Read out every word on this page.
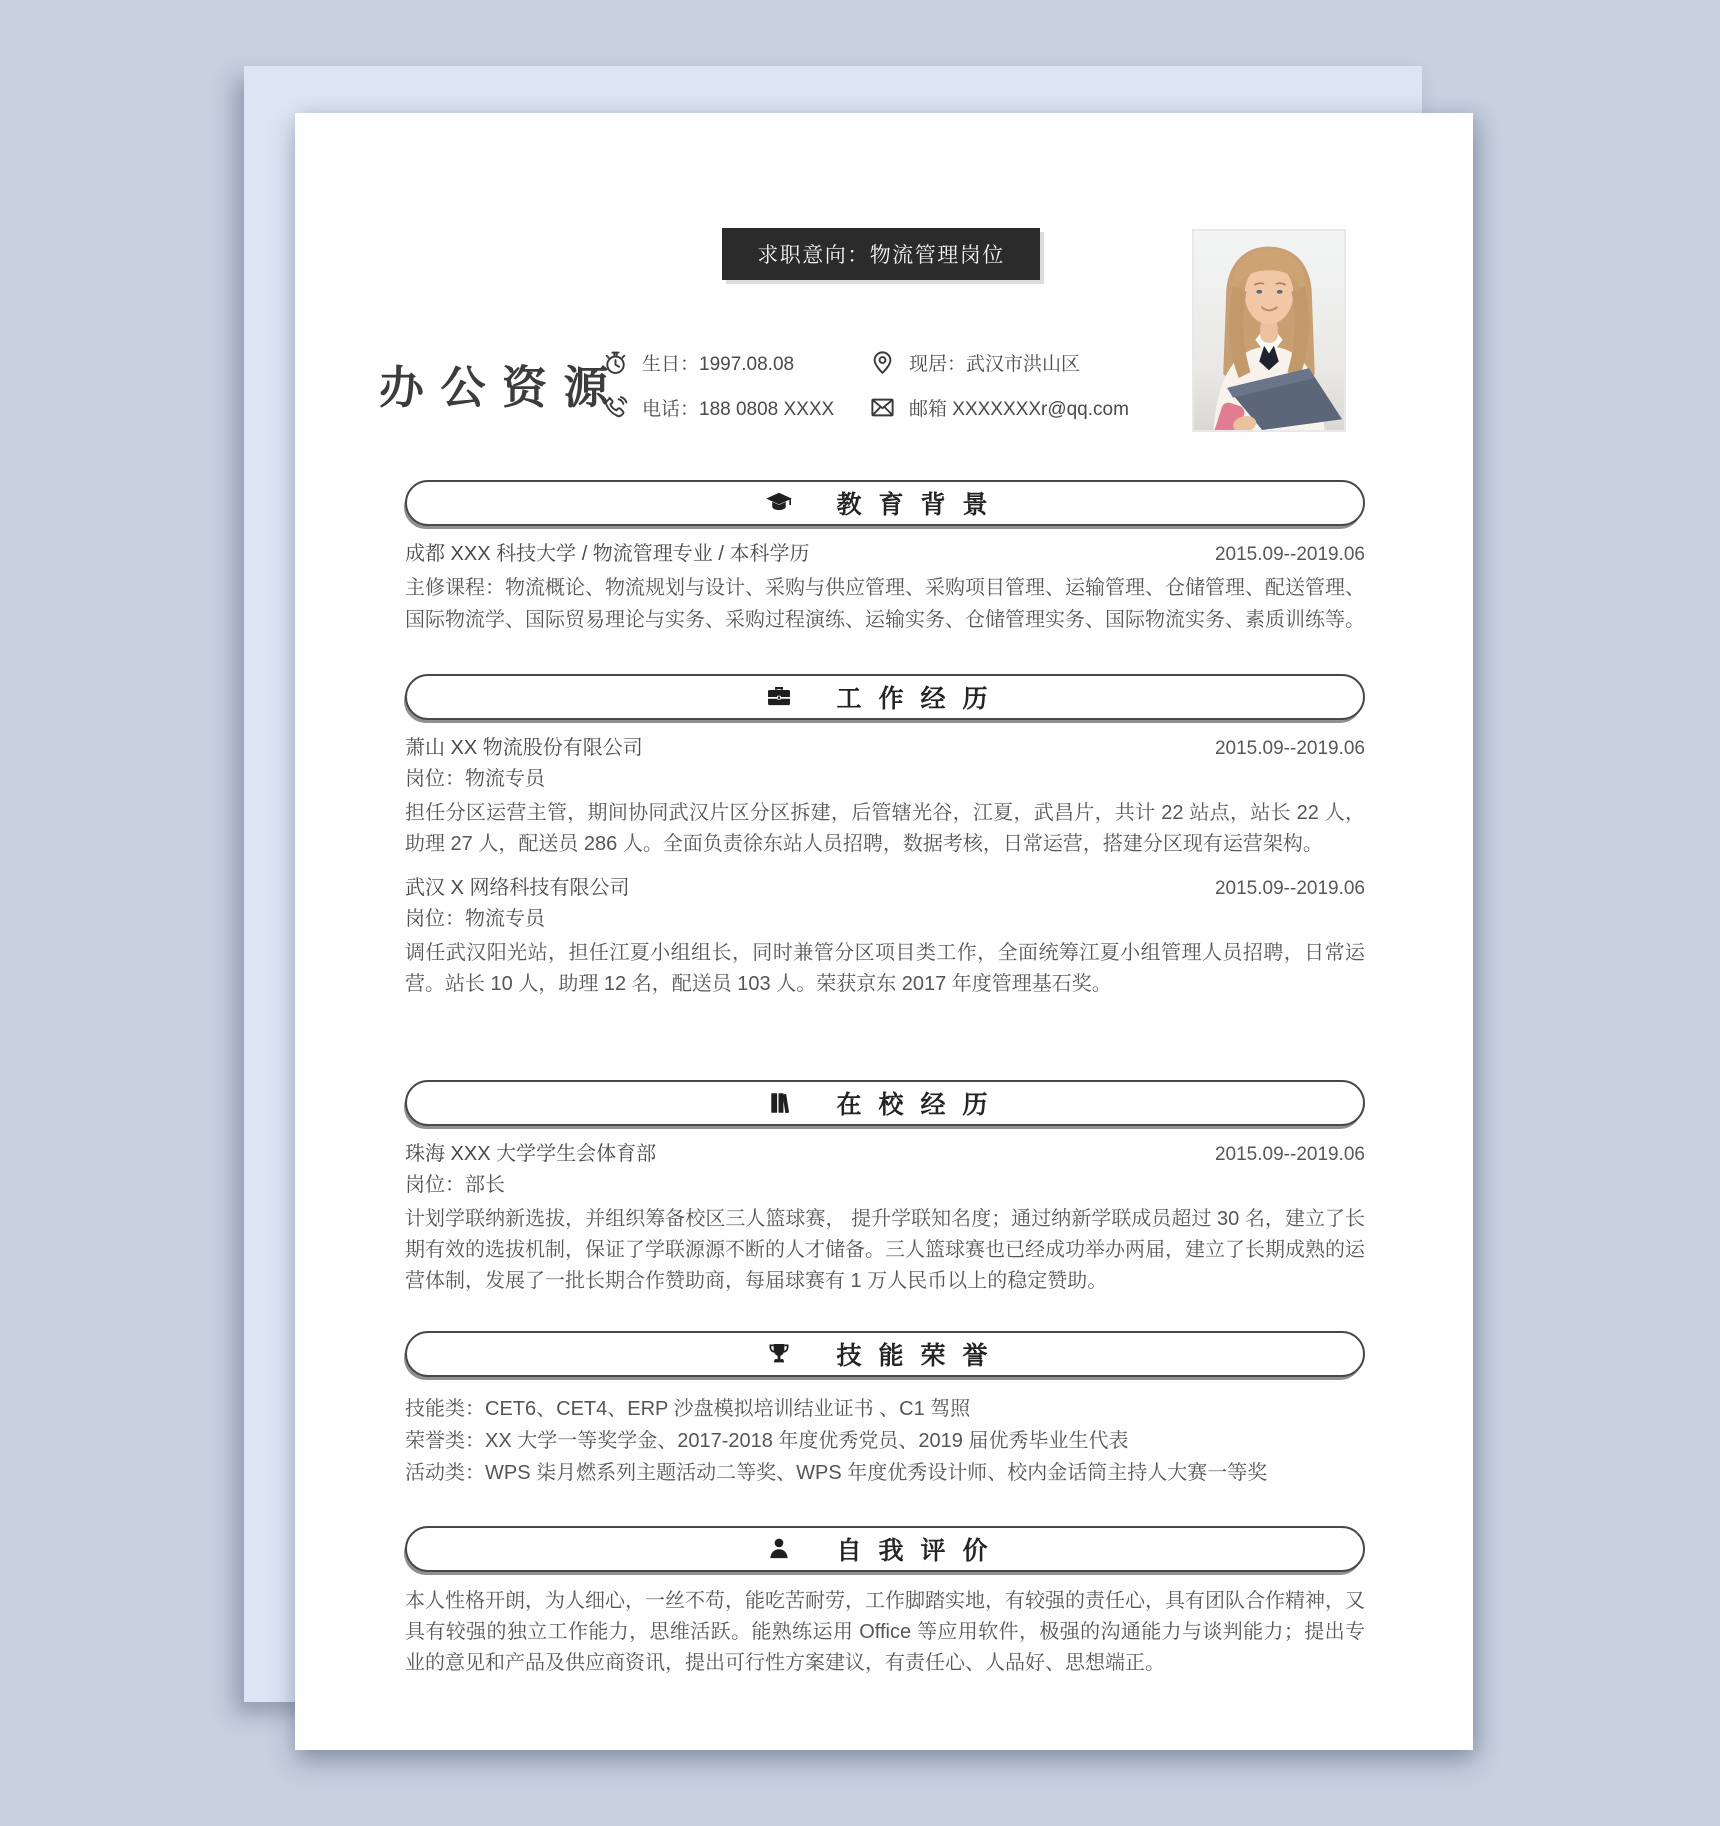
求职意向：物流管理岗位
办 公 资 源 生日：1997.08.08	现居：武汉市洪山区
电话：188 0808 XXXX	邮箱 XXXXXXXr@qq.com
教育背景
成都 XXX 科技大学 / 物流管理专业 / 本科学历	2015.09--2019.06
主修课程：物流概论、物流规划与设计、采购与供应管理、采购项目管理、运输管理、仓储管理、配送管理、国际物流学、国际贸易理论与实务、采购过程演练、运输实务、仓储管理实务、国际物流实务、素质训练等。
工作经历
萧山 XX 物流股份有限公司	2015.09--2019.06
岗位：物流专员
担任分区运营主管，期间协同武汉片区分区拆建，后管辖光谷，江夏，武昌片，共计 22 站点，站长 22 人，助理 27 人，配送员 286 人。全面负责徐东站人员招聘，数据考核，日常运营，搭建分区现有运营架构。
武汉 X 网络科技有限公司	2015.09--2019.06
岗位：物流专员
调任武汉阳光站，担任江夏小组组长，同时兼管分区项目类工作，全面统筹江夏小组管理人员招聘，日常运营。站长 10 人，助理 12 名，配送员 103 人。荣获京东 2017 年度管理基石奖。
在校经历
珠海 XXX 大学学生会体育部	2015.09--2019.06
岗位：部长
计划学联纳新选拔，并组织筹备校区三人篮球赛， 提升学联知名度；通过纳新学联成员超过 30 名，建立了长期有效的选拔机制，保证了学联源源不断的人才储备。三人篮球赛也已经成功举办两届，建立了长期成熟的运营体制，发展了一批长期合作赞助商，每届球赛有 1 万人民币以上的稳定赞助。
技能荣誉
技能类：CET6、CET4、ERP 沙盘模拟培训结业证书 、C1 驾照
荣誉类：XX 大学一等奖学金、2017-2018 年度优秀党员、2019 届优秀毕业生代表
活动类：WPS 柒月燃系列主题活动二等奖、WPS 年度优秀设计师、校内金话筒主持人大赛一等奖
自我评价
本人性格开朗，为人细心，一丝不苟，能吃苦耐劳，工作脚踏实地，有较强的责任心，具有团队合作精神，又具有较强的独立工作能力，思维活跃。能熟练运用 Office 等应用软件，极强的沟通能力与谈判能力；提出专业的意见和产品及供应商资讯，提出可行性方案建议，有责任心、人品好、思想端正。
